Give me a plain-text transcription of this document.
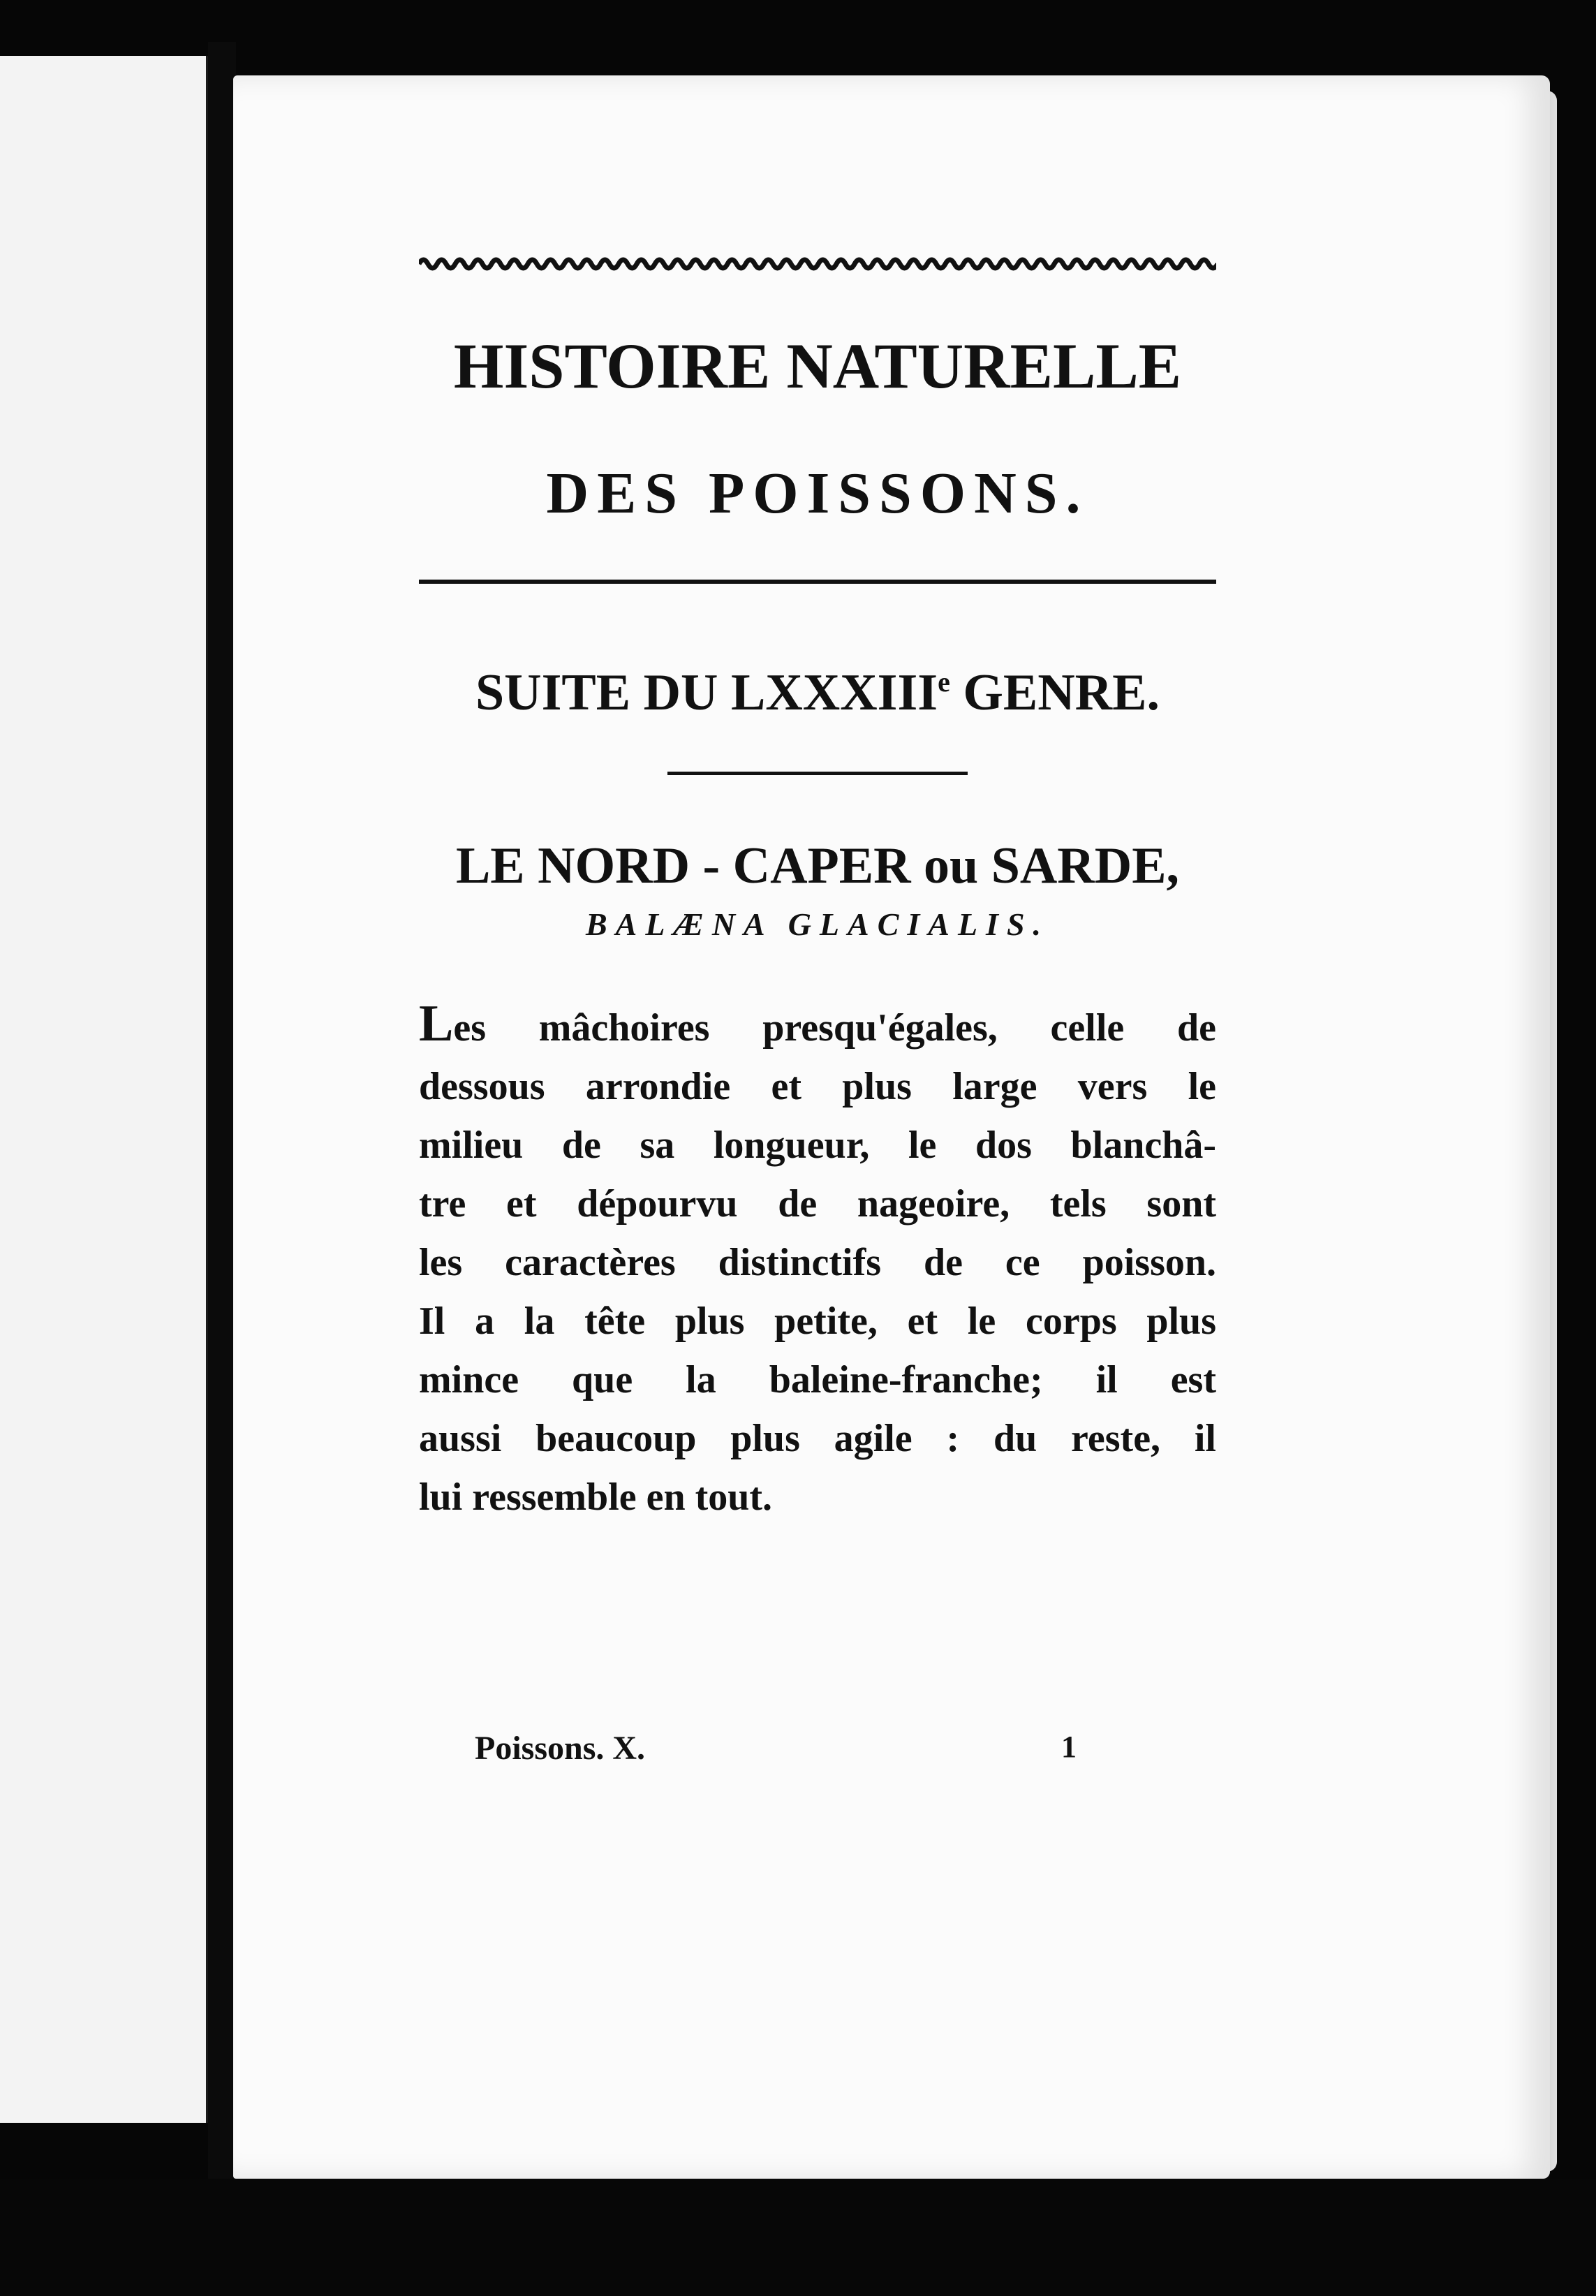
HISTOIRE NATURELLE
DES POISSONS.
SUITE DU LXXXIIIe GENRE.
LE NORD - CAPER ou SARDE,
BALÆNA GLACIALIS.
Les mâchoires presqu'égales, celle de
dessous arrondie et plus large vers le
milieu de sa longueur, le dos blanchâ-
tre et dépourvu de nageoire, tels sont
les caractères distinctifs de ce poisson.
Il a la tête plus petite, et le corps plus
mince que la baleine-franche; il est
aussi beaucoup plus agile : du reste, il
lui ressemble en tout.
Poissons. X.	1
